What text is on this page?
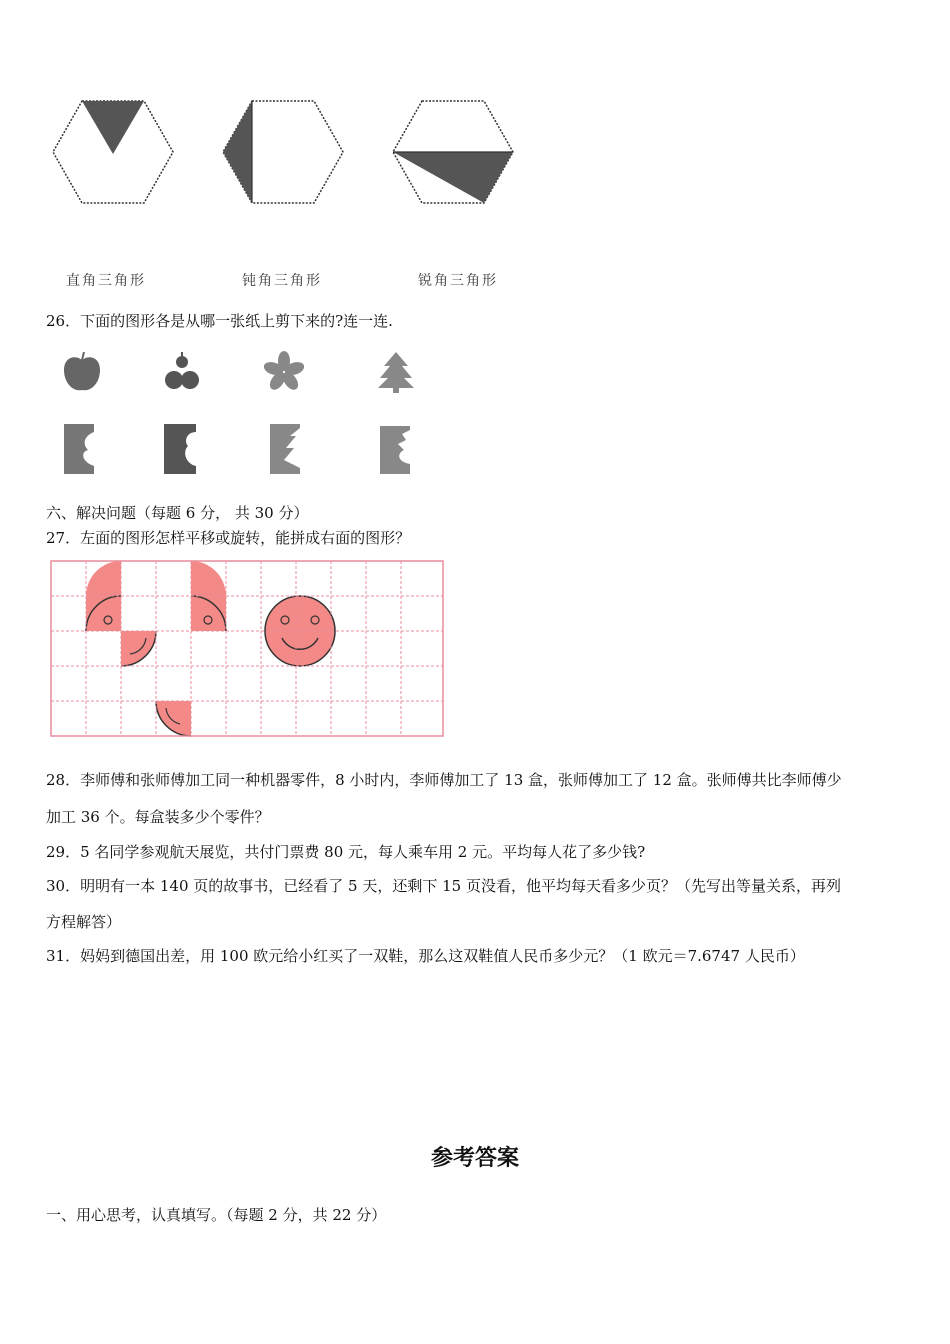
直角三角形	钝角三角形	锐角三角形
26．下面的图形各是从哪一张纸上剪下来的?连一连.
六、解决问题（每题 6 分， 共 30 分）
27．左面的图形怎样平移或旋转，能拼成右面的图形？
28．李师傅和张师傅加工同一种机器零件，8 小时内，李师傅加工了 13 盒，张师傅加工了 12 盒。张师傅共比李师傅少
加工 36 个。每盒装多少个零件？
29．5 名同学参观航天展览，共付门票费 80 元，每人乘车用 2 元。平均每人花了多少钱?
30．明明有一本 140 页的故事书，已经看了 5 天，还剩下 15 页没看，他平均每天看多少页？（先写出等量关系，再列
方程解答）
31．妈妈到德国出差，用 100 欧元给小红买了一双鞋，那么这双鞋值人民币多少元？（1 欧元＝7.6747 人民币）
参考答案
一、用心思考，认真填写。（每题 2 分，共 22 分）
